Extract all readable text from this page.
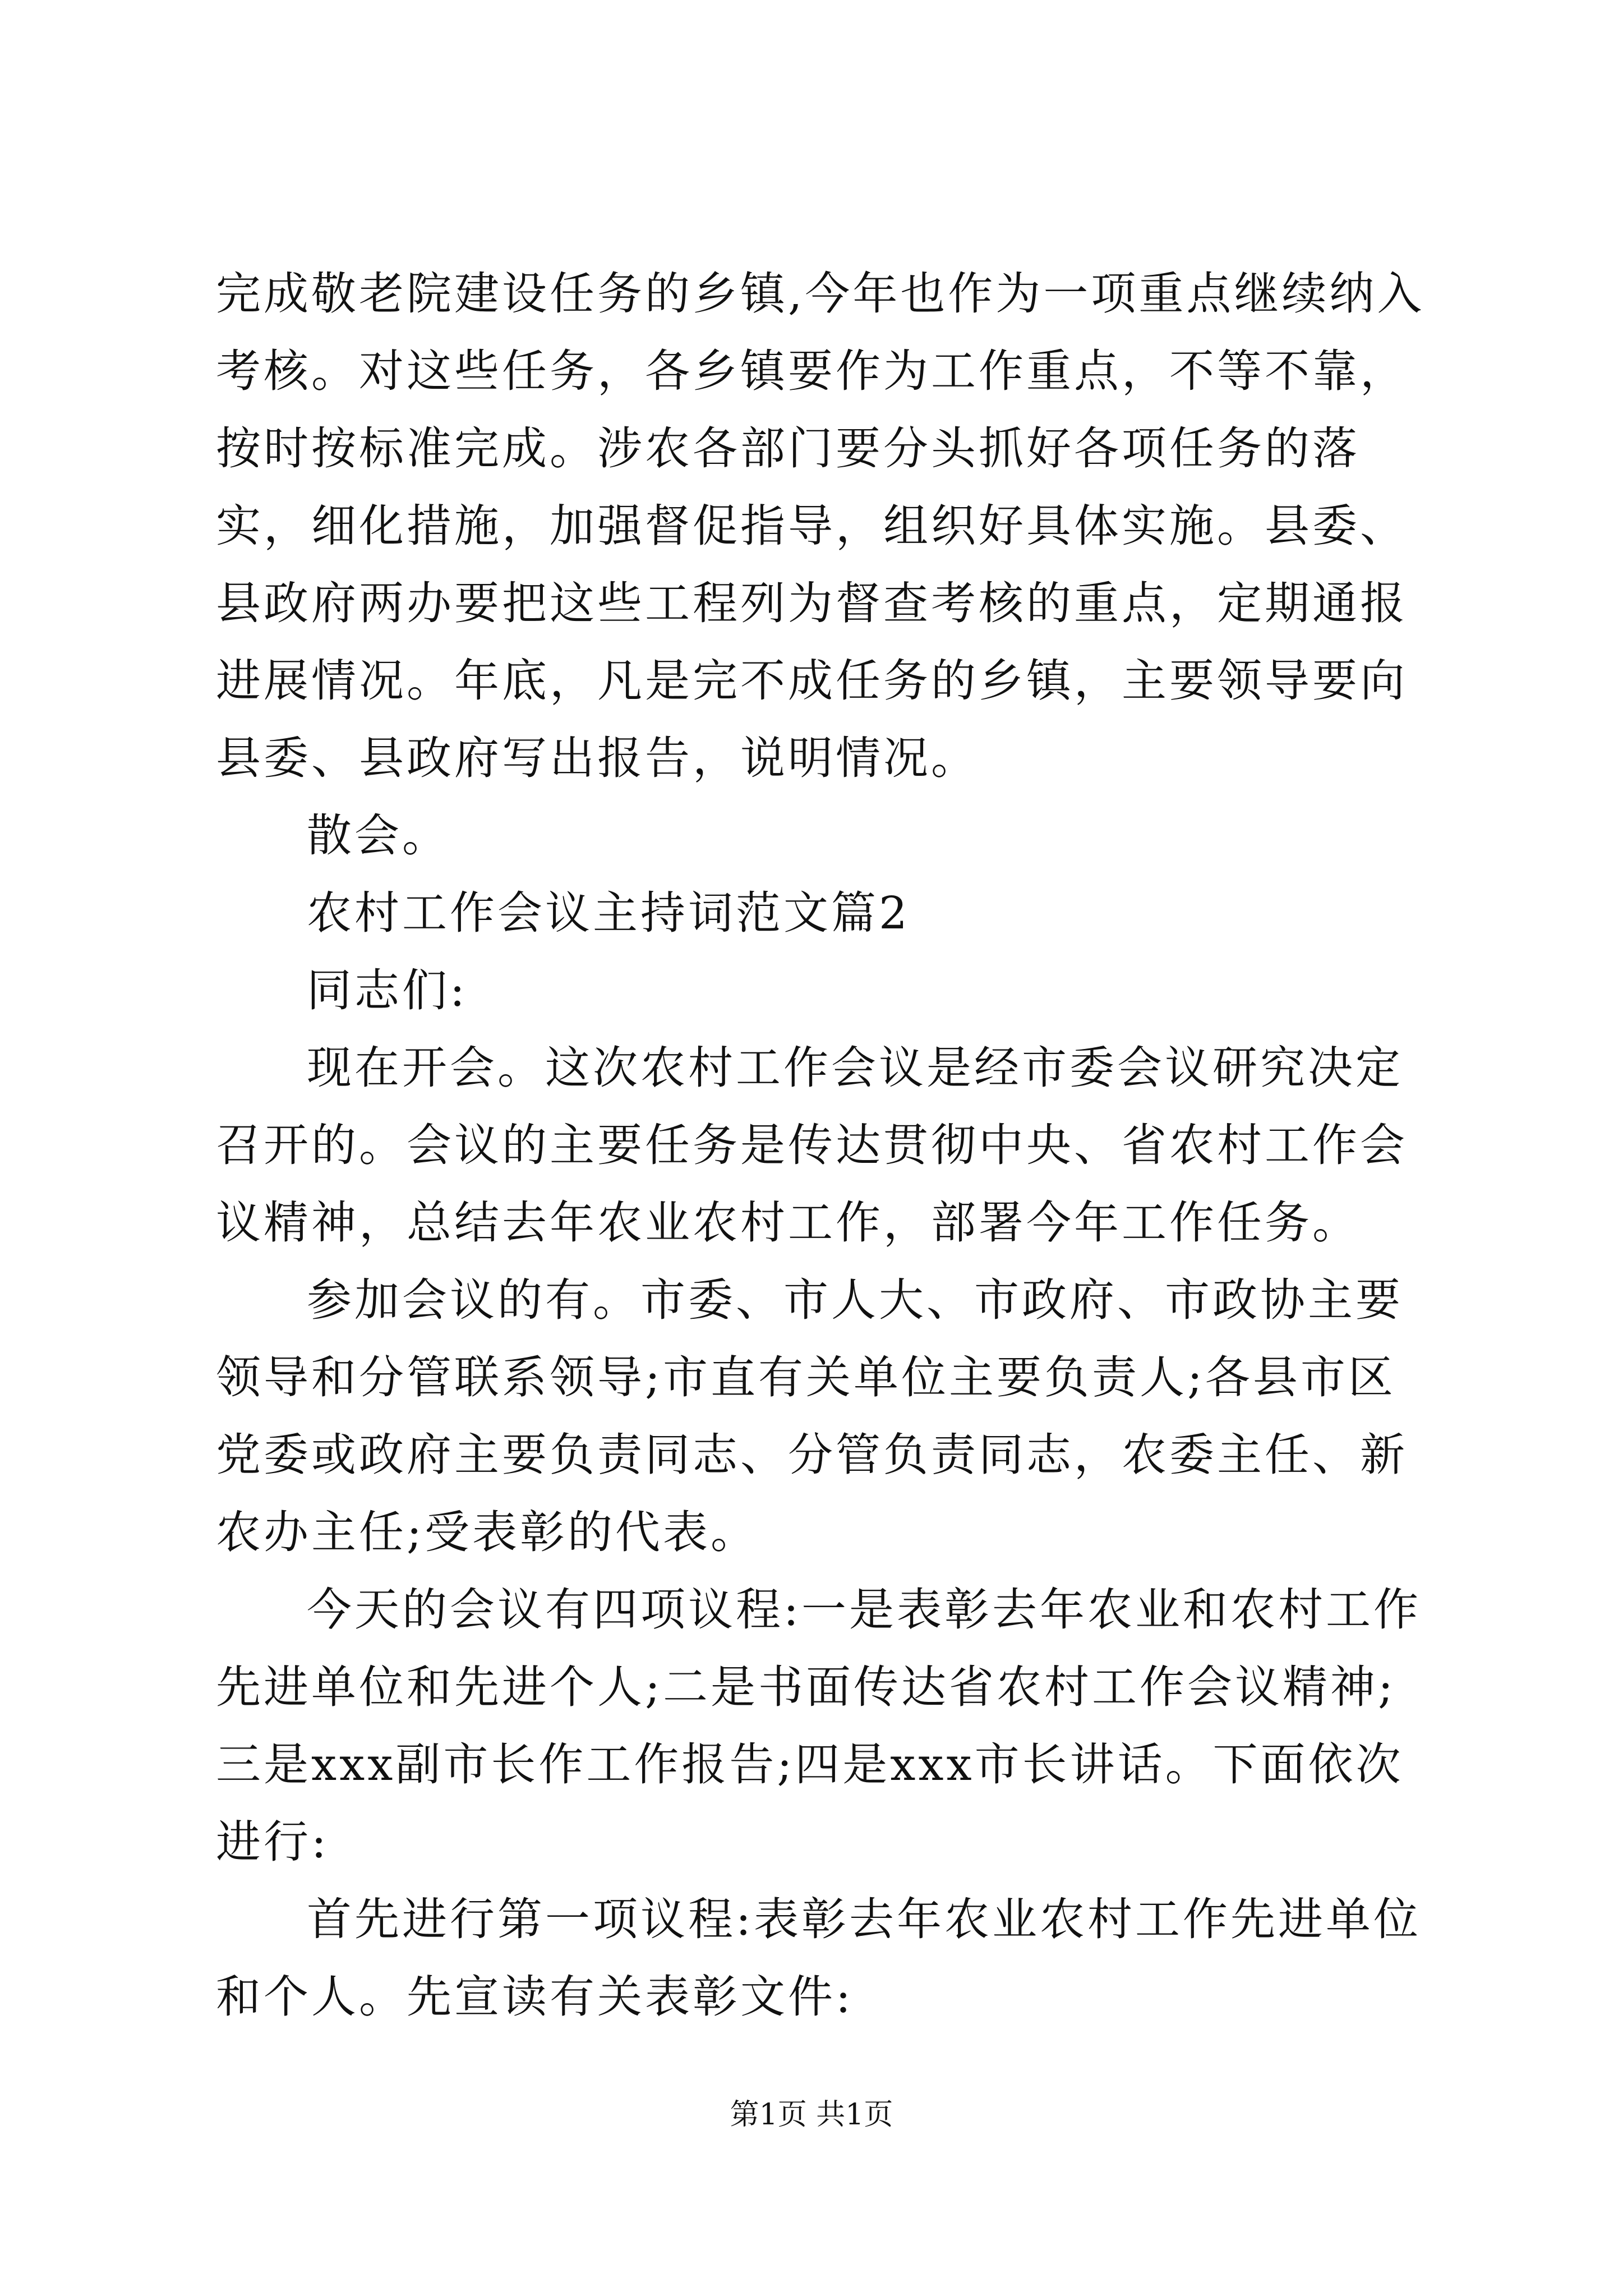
完成敬老院建设任务的乡镇,今年也作为一项重点继续纳入考核。对这些任务，各乡镇要作为工作重点，不等不靠，按时按标准完成。涉农各部门要分头抓好各项任务的落实，细化措施，加强督促指导，组织好具体实施。县委、县政府两办要把这些工程列为督查考核的重点，定期通报进展情况。年底，凡是完不成任务的乡镇，主要领导要向县委、县政府写出报告，说明情况。

散会。

农村工作会议主持词范文篇2

同志们:

现在开会。这次农村工作会议是经市委会议研究决定召开的。会议的主要任务是传达贯彻中央、省农村工作会议精神，总结去年农业农村工作，部署今年工作任务。

参加会议的有。市委、市人大、市政府、市政协主要领导和分管联系领导;市直有关单位主要负责人;各县市区党委或政府主要负责同志、分管负责同志，农委主任、新农办主任;受表彰的代表。

今天的会议有四项议程:一是表彰去年农业和农村工作先进单位和先进个人;二是书面传达省农村工作会议精神;三是xxx副市长作工作报告;四是xxx市长讲话。下面依次进行:

首先进行第一项议程:表彰去年农业农村工作先进单位和个人。先宣读有关表彰文件:

第1页 共1页
